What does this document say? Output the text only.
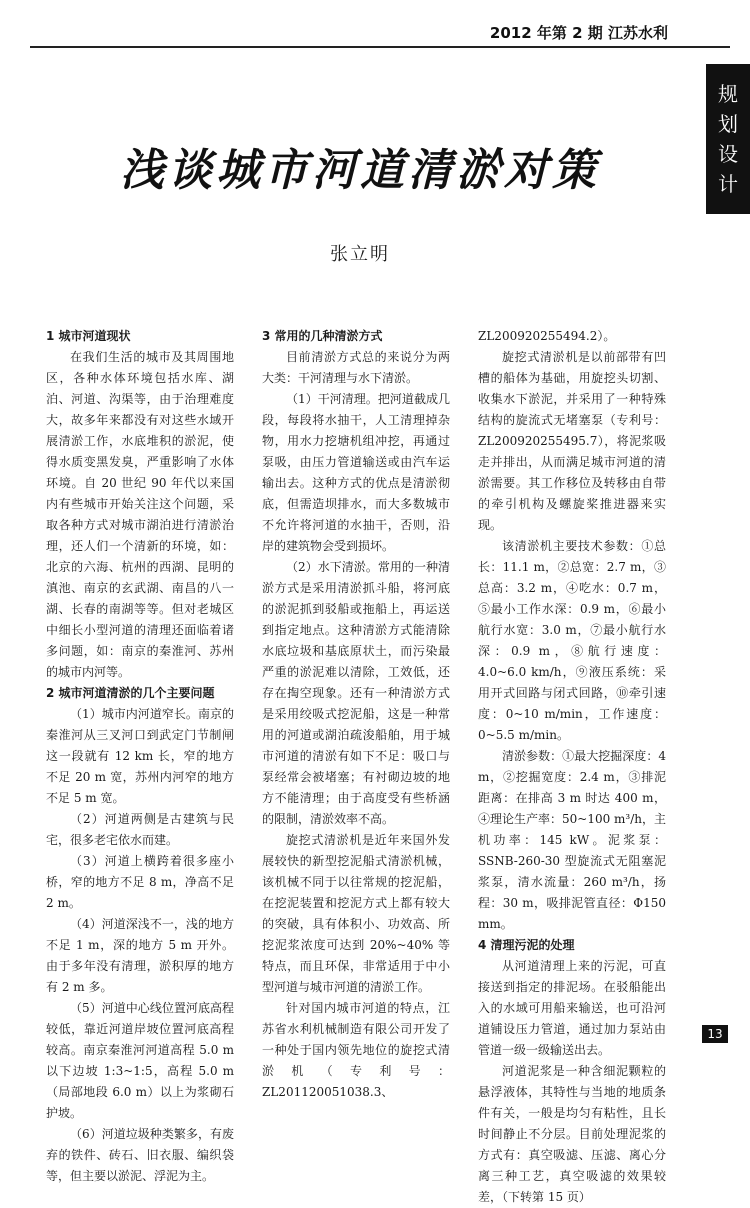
2012 年第 2 期 江苏水利
规
划
设
计
浅谈城市河道清淤对策
张立明
1 城市河道现状

在我们生活的城市及其周围地区，各种水体环境包括水库、湖泊、河道、沟渠等，由于治理难度大，故多年来都没有对这些水域开展清淤工作，水底堆积的淤泥，使得水质变黑发臭，严重影响了水体环境。自 20 世纪 90 年代以来国内有些城市开始关注这个问题，采取各种方式对城市湖泊进行清淤治理，还人们一个清新的环境，如：北京的六海、杭州的西湖、昆明的滇池、南京的玄武湖、南昌的八一湖、长春的南湖等等。但对老城区中细长小型河道的清理还面临着诸多问题，如：南京的秦淮河、苏州的城市内河等。

2 城市河道清淤的几个主要问题

（1）城市内河道窄长。南京的秦淮河从三叉河口到武定门节制闸这一段就有 12 km 长，窄的地方不足 20 m 宽，苏州内河窄的地方不足 5 m 宽。

（2）河道两侧是古建筑与民宅，很多老宅依水而建。

（3）河道上横跨着很多座小桥，窄的地方不足 8 m，净高不足 2 m。

（4）河道深浅不一，浅的地方不足 1 m，深的地方 5 m 开外。由于多年没有清理，淤积厚的地方有 2 m 多。

（5）河道中心线位置河底高程较低，靠近河道岸坡位置河底高程较高。南京秦淮河河道高程 5.0 m 以下边坡 1:3~1:5，高程 5.0 m（局部地段 6.0 m）以上为浆砌石护坡。

（6）河道垃圾种类繁多，有废弃的铁件、砖石、旧衣服、编织袋等，但主要以淤泥、浮泥为主。

3 常用的几种清淤方式

目前清淤方式总的来说分为两大类：干河清理与水下清淤。

（1）干河清理。把河道截成几段，每段将水抽干，人工清理掉杂物，用水力挖塘机组冲挖，再通过泵吸，由压力管道输送或由汽车运输出去。这种方式的优点是清淤彻底，但需造坝排水，而大多数城市不允许将河道的水抽干，否则，沿岸的建筑物会受到损坏。

（2）水下清淤。常用的一种清淤方式是采用清淤抓斗船，将河底的淤泥抓到驳船或拖船上，再运送到指定地点。这种清淤方式能清除水底垃圾和基底原状土，而污染最严重的淤泥难以清除，工效低，还存在掏空现象。还有一种清淤方式是采用绞吸式挖泥船，这是一种常用的河道或湖泊疏浚船舶，用于城市河道的清淤有如下不足：吸口与泵经常会被堵塞；有衬砌边坡的地方不能清理；由于高度受有些桥涵的限制，清淤效率不高。

旋挖式清淤机是近年来国外发展较快的新型挖泥船式清淤机械，该机械不同于以往常规的挖泥船，在挖泥装置和挖泥方式上都有较大的突破，具有体积小、功效高、所挖泥浆浓度可达到 20%~40% 等特点，而且环保，非常适用于中小型河道与城市河道的清淤工作。

针对国内城市河道的特点，江苏省水利机械制造有限公司开发了一种处于国内领先地位的旋挖式清淤机（专利号：ZL201120051038.3、

ZL200920255494.2）。

旋挖式清淤机是以前部带有凹槽的船体为基础，用旋挖头切割、收集水下淤泥，并采用了一种特殊结构的旋流式无堵塞泵（专利号：ZL200920255495.7），将泥浆吸走并排出，从而满足城市河道的清淤需要。其工作移位及转移由自带的牵引机构及螺旋桨推进器来实现。

该清淤机主要技术参数：①总长：11.1 m，②总宽：2.7 m，③总高：3.2 m，④吃水：0.7 m，⑤最小工作水深：0.9 m，⑥最小航行水宽：3.0 m，⑦最小航行水深：0.9 m，⑧航行速度：4.0~6.0 km/h，⑨液压系统：采用开式回路与闭式回路，⑩牵引速度：0~10 m/min，工作速度：0~5.5 m/min。

清淤参数：①最大挖掘深度：4 m，②挖掘宽度：2.4 m，③排泥距离：在排高 3 m 时达 400 m，④理论生产率：50~100 m³/h，主机功率：145 kW。泥浆泵：SSNB-260-30 型旋流式无阻塞泥浆泵，清水流量：260 m³/h，扬程：30 m，吸排泥管直径：Φ150 mm。

4 清理污泥的处理

从河道清理上来的污泥，可直接送到指定的排泥场。在驳船能出入的水域可用船来输送，也可沿河道铺设压力管道，通过加力泵站由管道一级一级输送出去。

河道泥浆是一种含细泥颗粒的悬浮液体，其特性与当地的地质条件有关，一般是均匀有粘性，且长时间静止不分层。目前处理泥浆的方式有：真空吸滤、压滤、离心分离三种工艺，真空吸滤的效果较差，（下转第 15 页）

13
